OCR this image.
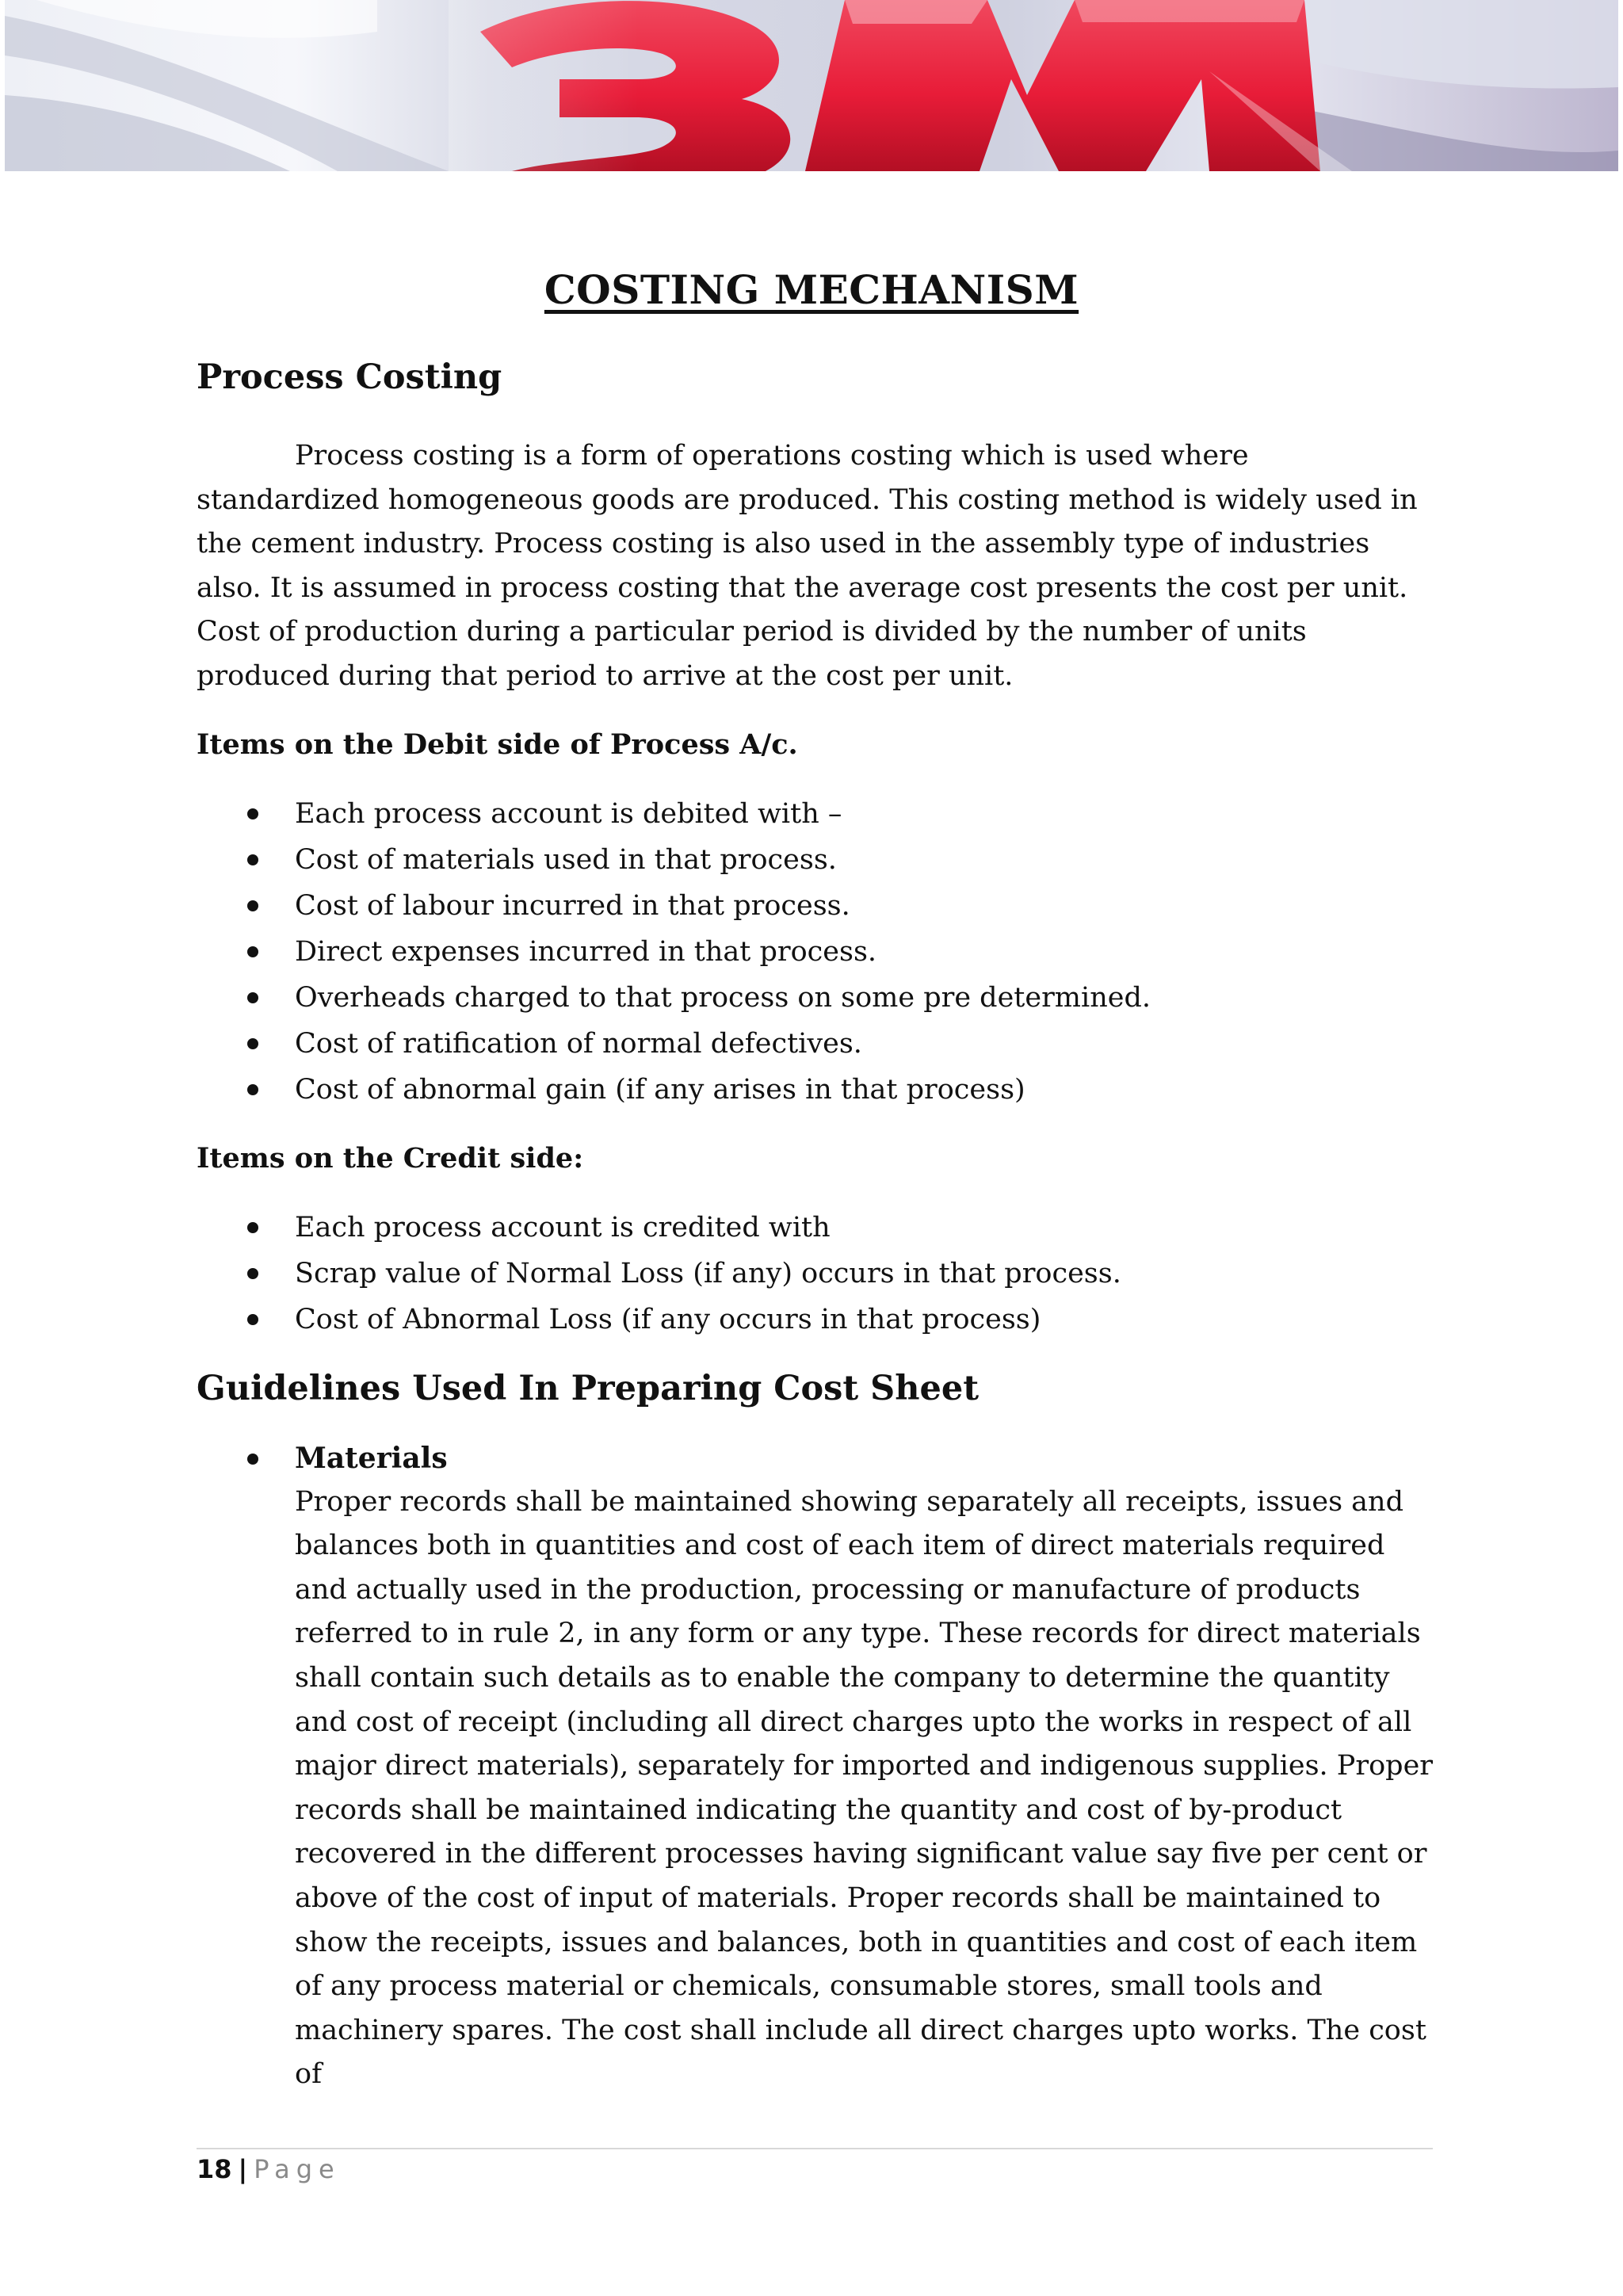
COSTING MECHANISM
Process Costing

Process costing is a form of operations costing which is used where standardized homogeneous goods are produced. This costing method is widely used in the cement industry. Process costing is also used in the assembly type of industries also. It is assumed in process costing that the average cost presents the cost per unit. Cost of production during a particular period is divided by the number of units produced during that period to arrive at the cost per unit.

Items on the Debit side of Process A/c.
Each process account is debited with –
Cost of materials used in that process.
Cost of labour incurred in that process.
Direct expenses incurred in that process.
Overheads charged to that process on some pre determined.
Cost of ratification of normal defectives.
Cost of abnormal gain (if any arises in that process)
Items on the Credit side:
Each process account is credited with
Scrap value of Normal Loss (if any) occurs in that process.
Cost of Abnormal Loss (if any occurs in that process)
Guidelines Used In Preparing Cost Sheet
Materials
Proper records shall be maintained showing separately all receipts, issues and balances both in quantities and cost of each item of direct materials required and actually used in the production, processing or manufacture of products referred to in rule 2, in any form or any type. These records for direct materials shall contain such details as to enable the company to determine the quantity and cost of receipt (including all direct charges upto the works in respect of all major direct materials), separately for imported and indigenous supplies. Proper records shall be maintained indicating the quantity and cost of by-product recovered in the different processes having significant value say five per cent or above of the cost of input of materials. Proper records shall be maintained to show the receipts, issues and balances, both in quantities and cost of each item of any process material or chemicals, consumable stores, small tools and machinery spares. The cost shall include all direct charges upto works. The cost of
18 | Page
